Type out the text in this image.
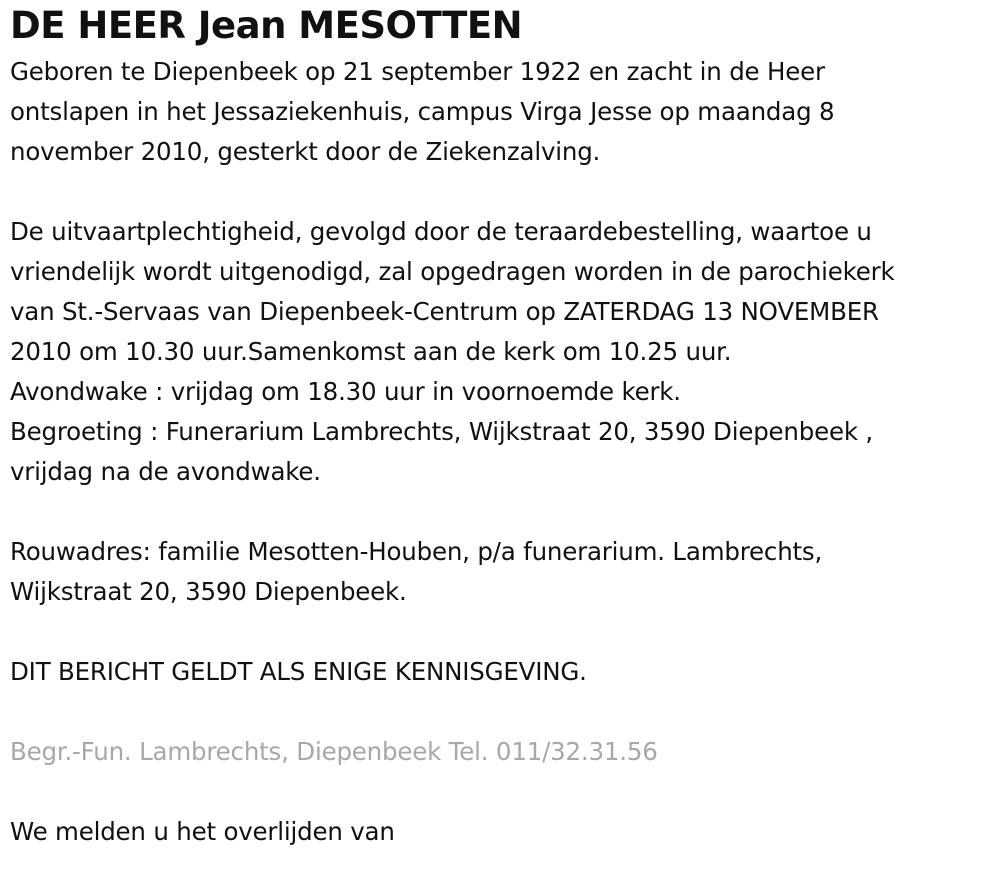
DE HEER Jean MESOTTEN

Geboren te Diepenbeek op 21 september 1922 en zacht in de Heer
ontslapen in het Jessaziekenhuis, campus Virga Jesse op maandag 8
november 2010, gesterkt door de Ziekenzalving.

De uitvaartplechtigheid, gevolgd door de teraardebestelling, waartoe u
vriendelijk wordt uitgenodigd, zal opgedragen worden in de parochiekerk
van St.-Servaas van Diepenbeek-Centrum op ZATERDAG 13 NOVEMBER
2010 om 10.30 uur.Samenkomst aan de kerk om 10.25 uur.
Avondwake : vrijdag om 18.30 uur in voornoemde kerk.
Begroeting : Funerarium Lambrechts, Wijkstraat 20, 3590 Diepenbeek ,
vrijdag na de avondwake.

Rouwadres: familie Mesotten-Houben, p/a funerarium. Lambrechts,
Wijkstraat 20, 3590 Diepenbeek.

DIT BERICHT GELDT ALS ENIGE KENNISGEVING.

Begr.-Fun. Lambrechts, Diepenbeek Tel. 011/32.31.56

We melden u het overlijden van
